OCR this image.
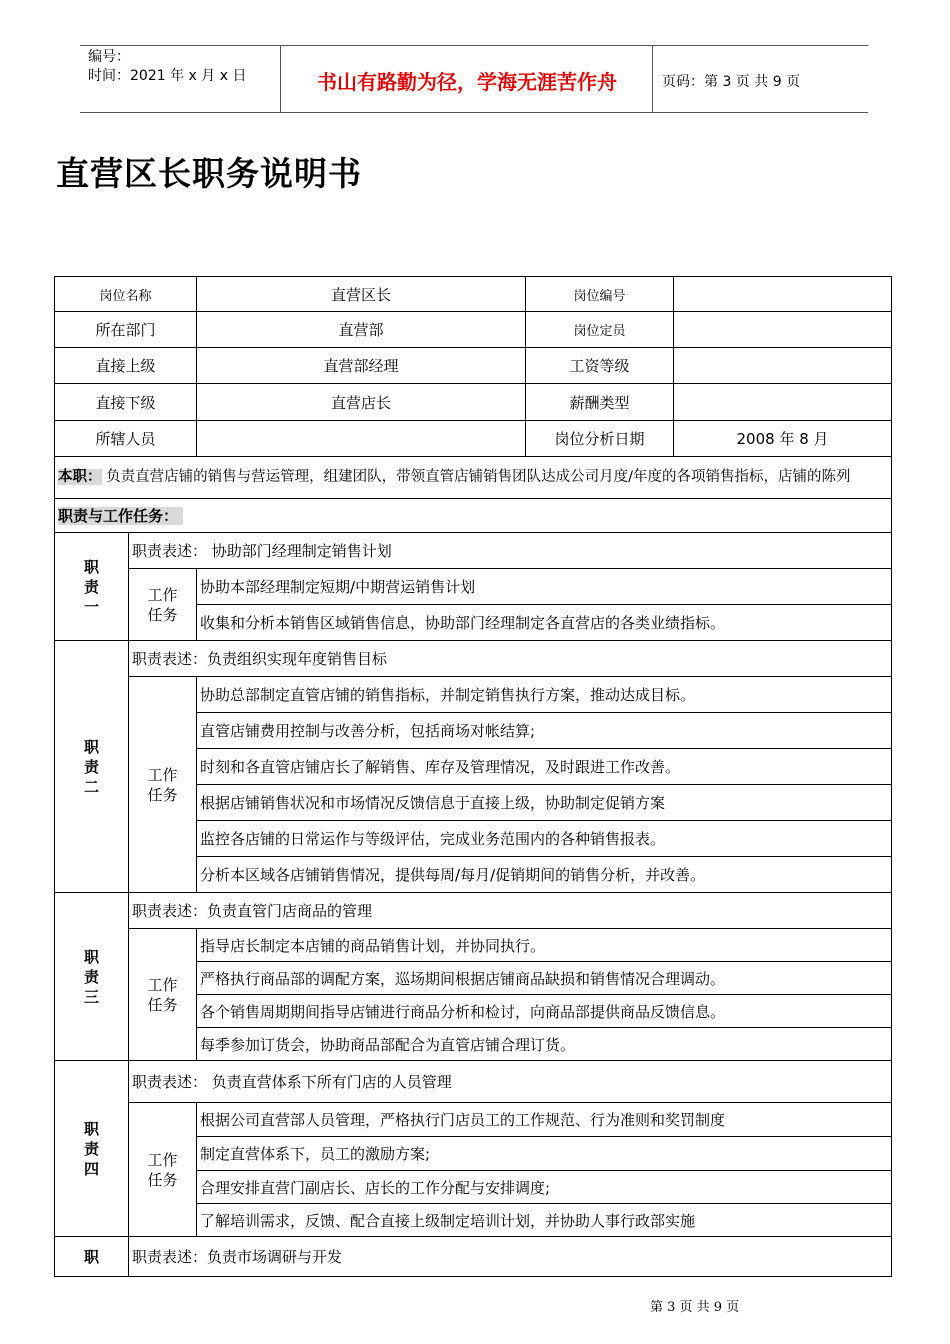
编号：
时间：2021 年 x 月 x 日	书山有路勤为径，学海无涯苦作舟	页码：第 3 页 共 9 页
直营区长职务说明书
岗位名称		直营区长	岗位编号	
所在部门		直营部	岗位定员	
直接上级		直营部经理	工资等级	
直接下级		直营店长	薪酬类型	
所辖人员			岗位分析日期	2008 年 8 月
本职： 负责直营店铺的销售与营运管理，组建团队，带领直管店铺销售团队达成公司月度/年度的各项销售指标，店铺的陈列				
职责与工作任务：				
职责一	职责表述： 协助部门经理制定销售计划			
	工作任务	协助本部经理制定短期/中期营运销售计划		
		收集和分析本销售区域销售信息，协助部门经理制定各直营店的各类业绩指标。		
职责二	职责表述：负责组织实现年度销售目标			
	工作任务	协助总部制定直管店铺的销售指标，并制定销售执行方案，推动达成目标。		
		直管店铺费用控制与改善分析，包括商场对帐结算;		
		时刻和各直管店铺店长了解销售、库存及管理情况，及时跟进工作改善。		
		根据店铺销售状况和市场情况反馈信息于直接上级，协助制定促销方案		
		监控各店铺的日常运作与等级评估，完成业务范围内的各种销售报表。		
		分析本区域各店铺销售情况，提供每周/每月/促销期间的销售分析，并改善。		
职责三	职责表述：负责直管门店商品的管理			
	工作任务	指导店长制定本店铺的商品销售计划，并协同执行。		
		严格执行商品部的调配方案，巡场期间根据店铺商品缺损和销售情况合理调动。		
		各个销售周期期间指导店铺进行商品分析和检讨，向商品部提供商品反馈信息。		
		每季参加订货会，协助商品部配合为直管店铺合理订货。		
职责四	职责表述： 负责直营体系下所有门店的人员管理			
	工作任务	根据公司直营部人员管理，严格执行门店员工的工作规范、行为准则和奖罚制度		
		制定直营体系下，员工的激励方案;		
		合理安排直营门副店长、店长的工作分配与安排调度;		
		了解培训需求，反馈、配合直接上级制定培训计划，并协助人事行政部实施		
职	职责表述：负责市场调研与开发			
第 3 页 共 9 页
